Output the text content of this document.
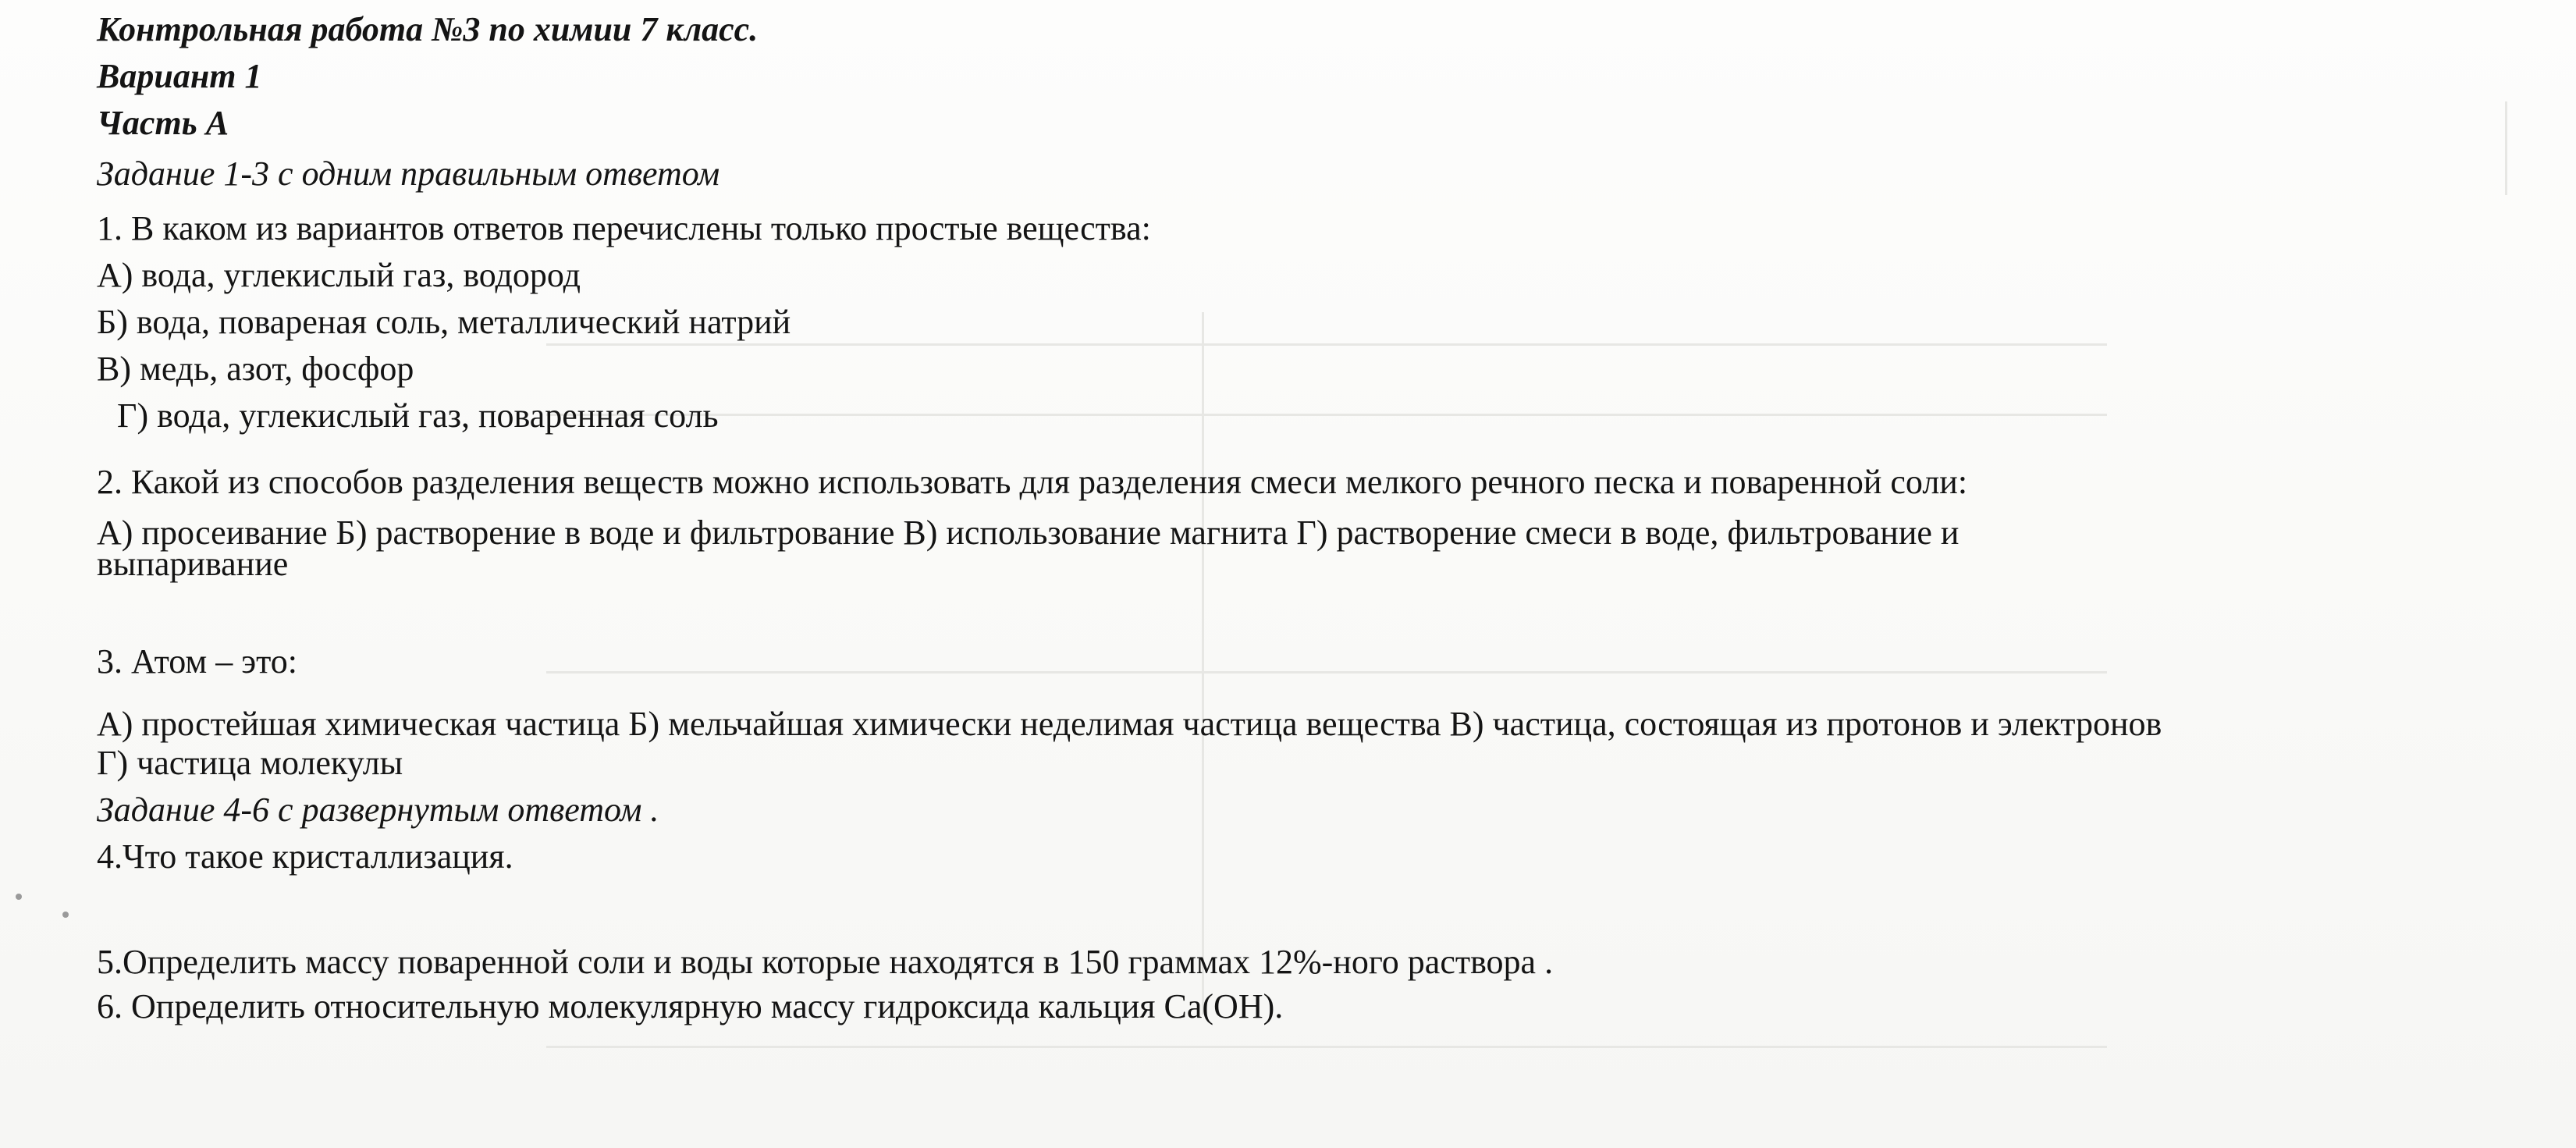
Контрольная работа №3 по химии 7 класс.
Вариант 1
Часть А
Задание 1-3 с одним правильным ответом
1. В каком из вариантов ответов перечислены только простые вещества:
А) вода, углекислый газ, водород
Б) вода, повареная соль, металлический натрий
В) медь, азот, фосфор
Г) вода, углекислый газ, поваренная соль
2. Какой из способов разделения веществ можно использовать для разделения смеси мелкого речного песка и поваренной соли:
А) просеивание Б) растворение в воде и фильтрование В) использование магнита Г) растворение смеси в воде, фильтрование и
выпаривание
3. Атом – это:
А) простейшая химическая частица Б) мельчайшая химически неделимая частица вещества В) частица, состоящая из протонов и электронов
Г) частица молекулы
Задание 4-6 с развернутым ответом .
4.Что такое кристаллизация.
5.Определить массу поваренной соли и воды которые находятся в 150 граммах 12%-ного раствора .
6. Определить относительную молекулярную массу гидроксида кальция Са(ОН).
